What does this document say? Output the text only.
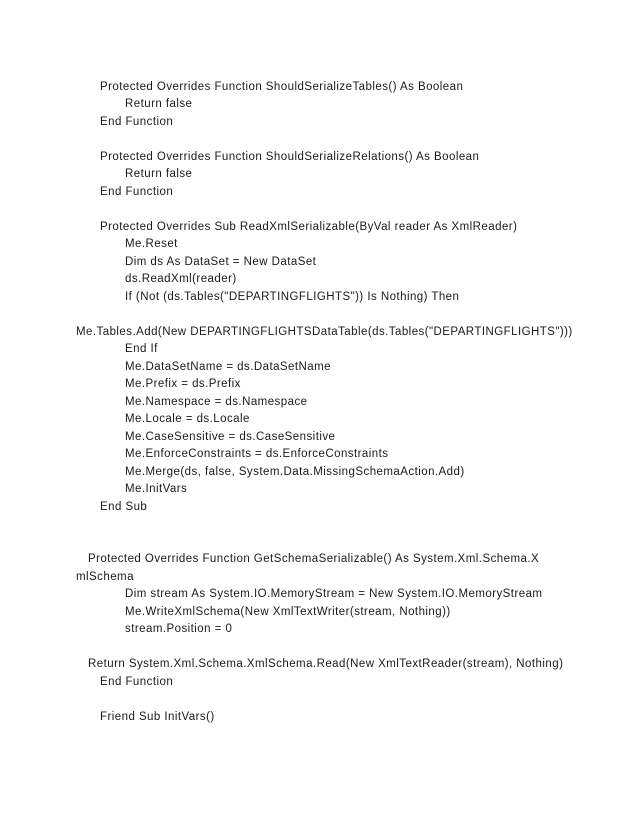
Protected Overrides Function ShouldSerializeTables() As Boolean

Return false

End Function

Protected Overrides Function ShouldSerializeRelations() As Boolean

Return false

End Function

Protected Overrides Sub ReadXmlSerializable(ByVal reader As XmlReader)

Me.Reset

Dim ds As DataSet = New DataSet

ds.ReadXml(reader)

If (Not (ds.Tables("DEPARTINGFLIGHTS")) Is Nothing) Then

Me.Tables.Add(New DEPARTINGFLIGHTSDataTable(ds.Tables("DEPARTINGFLIGHTS")))

End If

Me.DataSetName = ds.DataSetName

Me.Prefix = ds.Prefix

Me.Namespace = ds.Namespace

Me.Locale = ds.Locale

Me.CaseSensitive = ds.CaseSensitive

Me.EnforceConstraints = ds.EnforceConstraints

Me.Merge(ds, false, System.Data.MissingSchemaAction.Add)

Me.InitVars

End Sub

Protected Overrides Function GetSchemaSerializable() As System.Xml.Schema.X

mlSchema

Dim stream As System.IO.MemoryStream = New System.IO.MemoryStream

Me.WriteXmlSchema(New XmlTextWriter(stream, Nothing))

stream.Position = 0

Return System.Xml.Schema.XmlSchema.Read(New XmlTextReader(stream), Nothing)

End Function

Friend Sub InitVars()
